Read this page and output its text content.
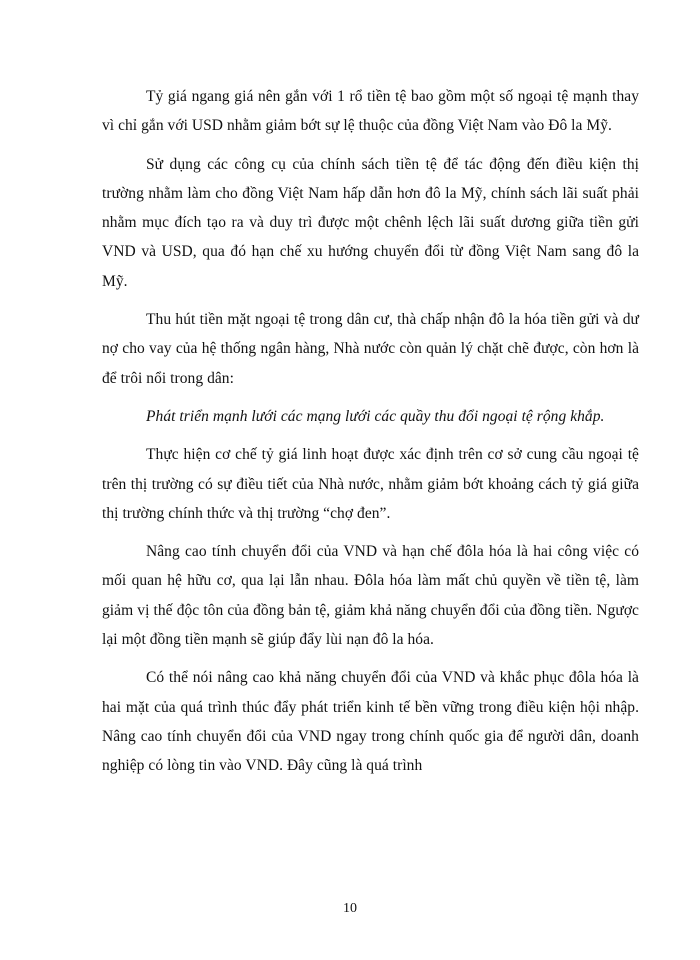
Tỷ giá ngang giá nên gắn với 1 rổ tiền tệ bao gồm một số ngoại tệ mạnh thay vì chỉ gắn với USD nhằm giảm bớt sự lệ thuộc của đồng Việt Nam vào Đô la Mỹ.

Sử dụng các công cụ của chính sách tiền tệ để tác động đến điều kiện thị trường nhằm làm cho đồng Việt Nam hấp dẫn hơn đô la Mỹ, chính sách lãi suất phải nhằm mục đích tạo ra và duy trì được một chênh lệch lãi suất dương giữa tiền gửi VND và USD, qua đó hạn chế xu hướng chuyển đổi từ đồng Việt Nam sang đô la Mỹ.

Thu hút tiền mặt ngoại tệ trong dân cư, thà chấp nhận đô la hóa tiền gửi và dư nợ cho vay của hệ thống ngân hàng, Nhà nước còn quản lý chặt chẽ được, còn hơn là để trôi nổi trong dân:

Phát triển mạnh lưới các mạng lưới các quầy thu đổi ngoại tệ rộng khắp.

Thực hiện cơ chế tỷ giá linh hoạt được xác định trên cơ sở cung cầu ngoại tệ trên thị trường có sự điều tiết của Nhà nước, nhằm giảm bớt khoảng cách tỷ giá giữa thị trường chính thức và thị trường “chợ đen”.

Nâng cao tính chuyển đổi của VND và hạn chế đôla hóa là hai công việc có mối quan hệ hữu cơ, qua lại lẫn nhau. Đôla hóa làm mất chủ quyền về tiền tệ, làm giảm vị thế độc tôn của đồng bản tệ, giảm khả năng chuyển đổi của đồng tiền. Ngược lại một đồng tiền mạnh sẽ giúp đẩy lùi nạn đô la hóa.

Có thể nói nâng cao khả năng chuyển đổi của VND và khắc phục đôla hóa là hai mặt của quá trình thúc đẩy phát triển kinh tế bền vững trong điều kiện hội nhập. Nâng cao tính chuyển đổi của VND ngay trong chính quốc gia để người dân, doanh nghiệp có lòng tin vào VND. Đây cũng là quá trình

10
